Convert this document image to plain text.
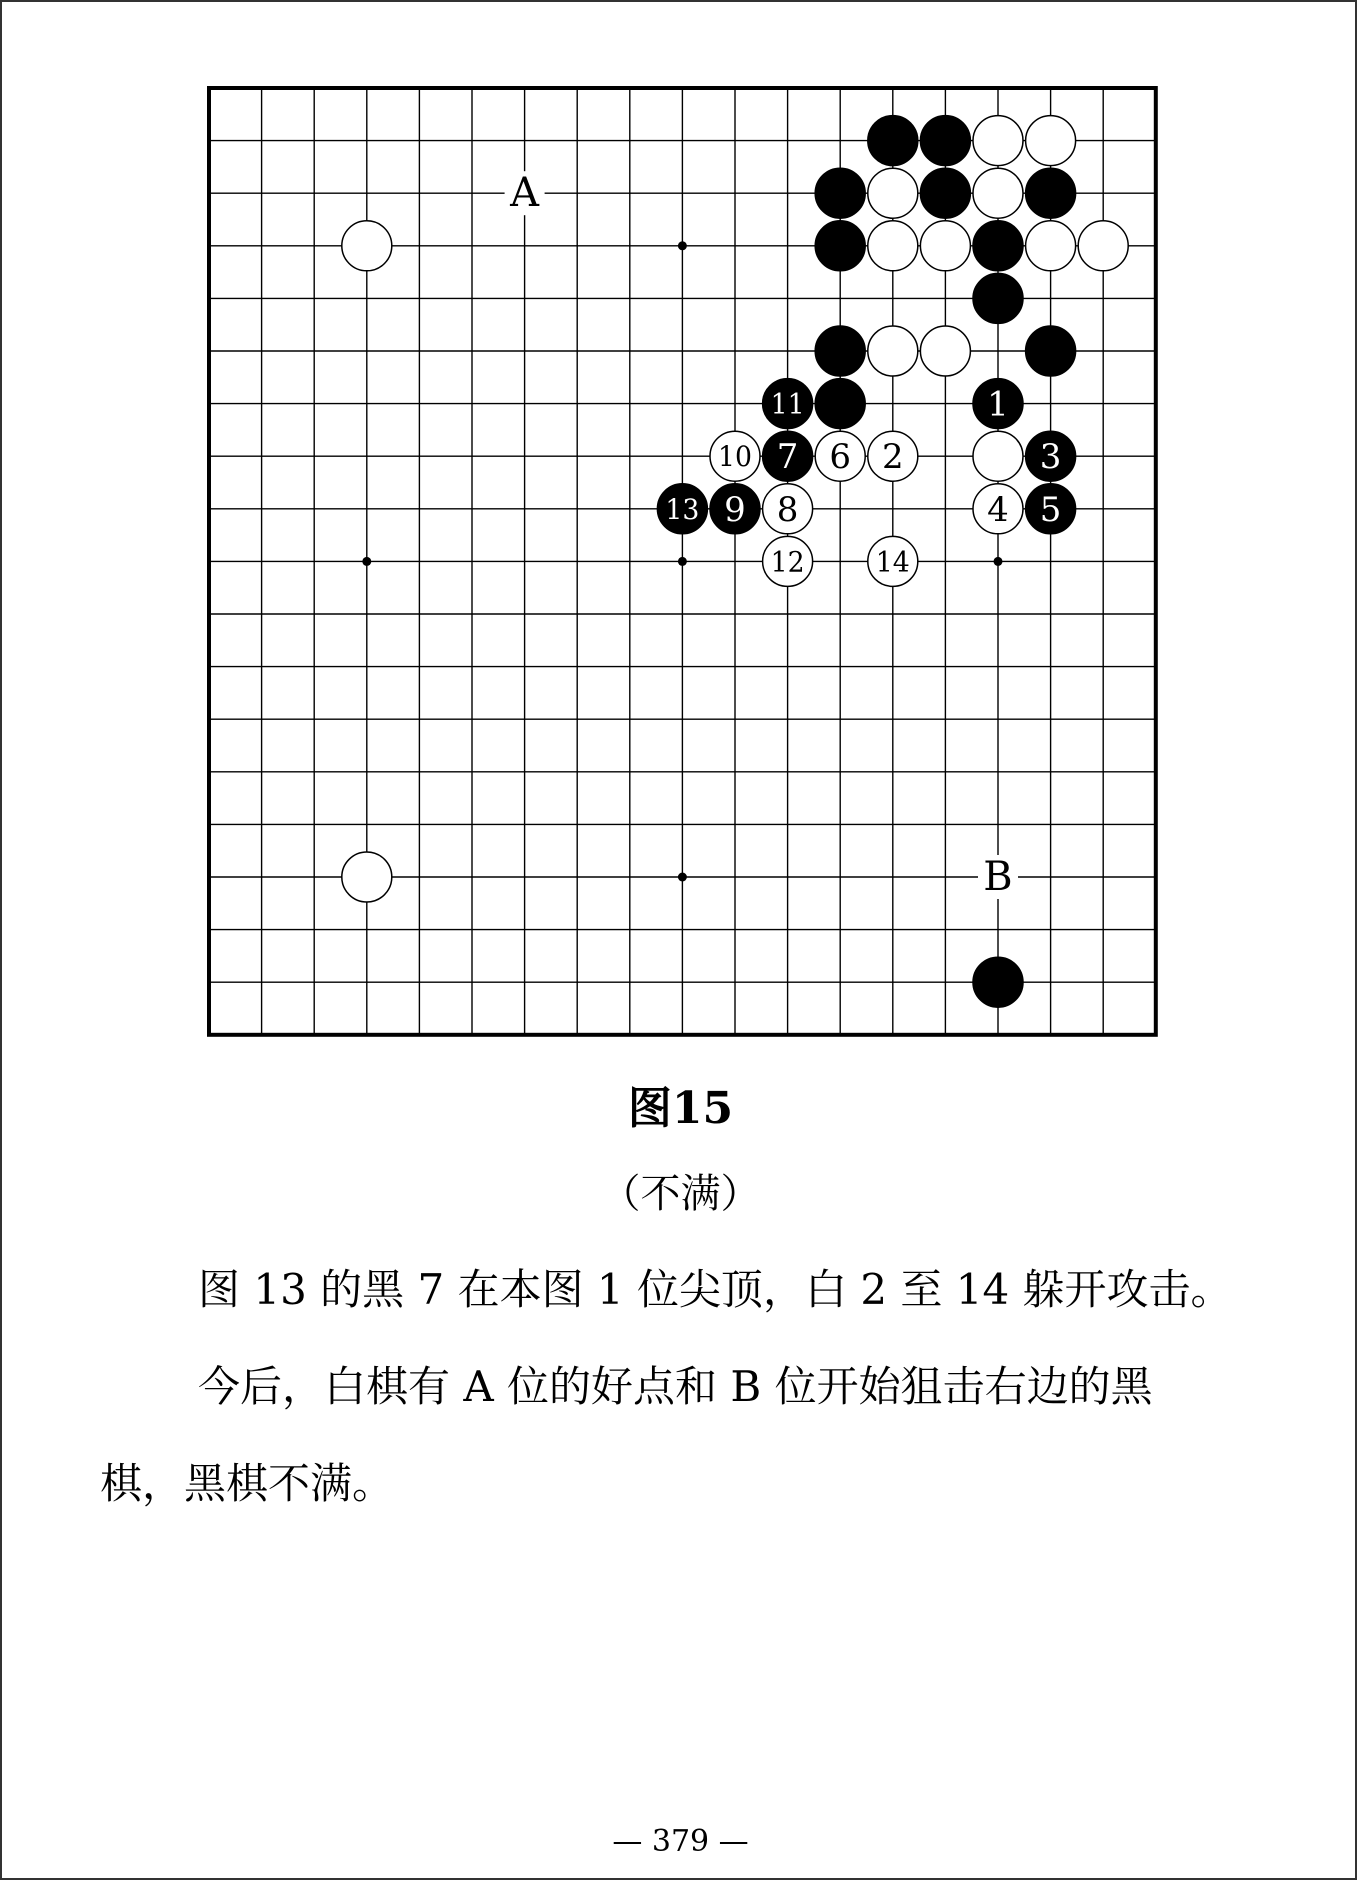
A
B
1
2	3
4 5
6
7
8
9
10
11
12
13
14
图15
（不满）
图 13 的黑 7 在本图 1 位尖顶，白 2 至 14 躲开攻击。
今后，白棋有 A 位的好点和 B 位开始狙击右边的黑
棋，黑棋不满。
— 379 —
